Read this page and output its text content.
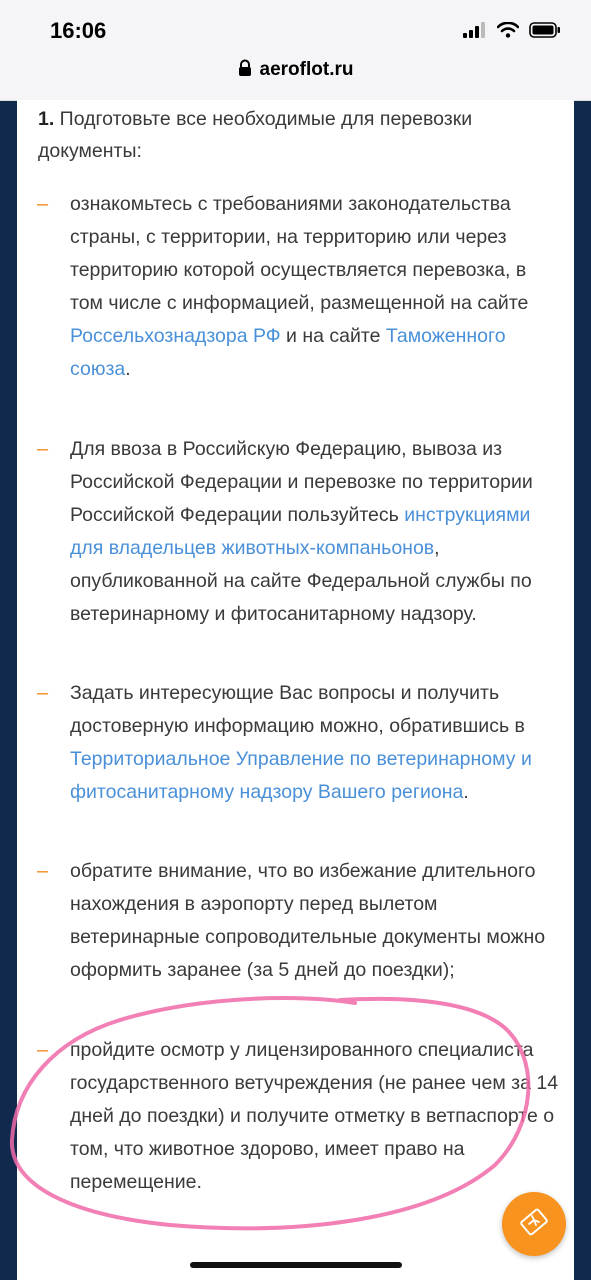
16:06
aeroflot.ru
1. Подготовьте все необходимые для перевозки документы:
– ознакомьтесь с требованиями законодательства страны, с территории, на территорию или через территорию которой осуществляется перевозка, в том числе с информацией, размещенной на сайте Россельхознадзора РФ и на сайте Таможенного союза.
– Для ввоза в Российскую Федерацию, вывоза из Российской Федерации и перевозке по территории Российской Федерации пользуйтесь инструкциями для владельцев животных-компаньонов, опубликованной на сайте Федеральной службы по ветеринарному и фитосанитарному надзору.
– Задать интересующие Вас вопросы и получить достоверную информацию можно, обратившись в Территориальное Управление по ветеринарному и фитосанитарному надзору Вашего региона.
– обратите внимание, что во избежание длительного нахождения в аэропорту перед вылетом ветеринарные сопроводительные документы можно оформить заранее (за 5 дней до поездки);
– пройдите осмотр у лицензированного специалиста государственного ветучреждения (не ранее чем за 14 дней до поездки) и получите отметку в ветпаспорте о том, что животное здорово, имеет право на перемещение.
